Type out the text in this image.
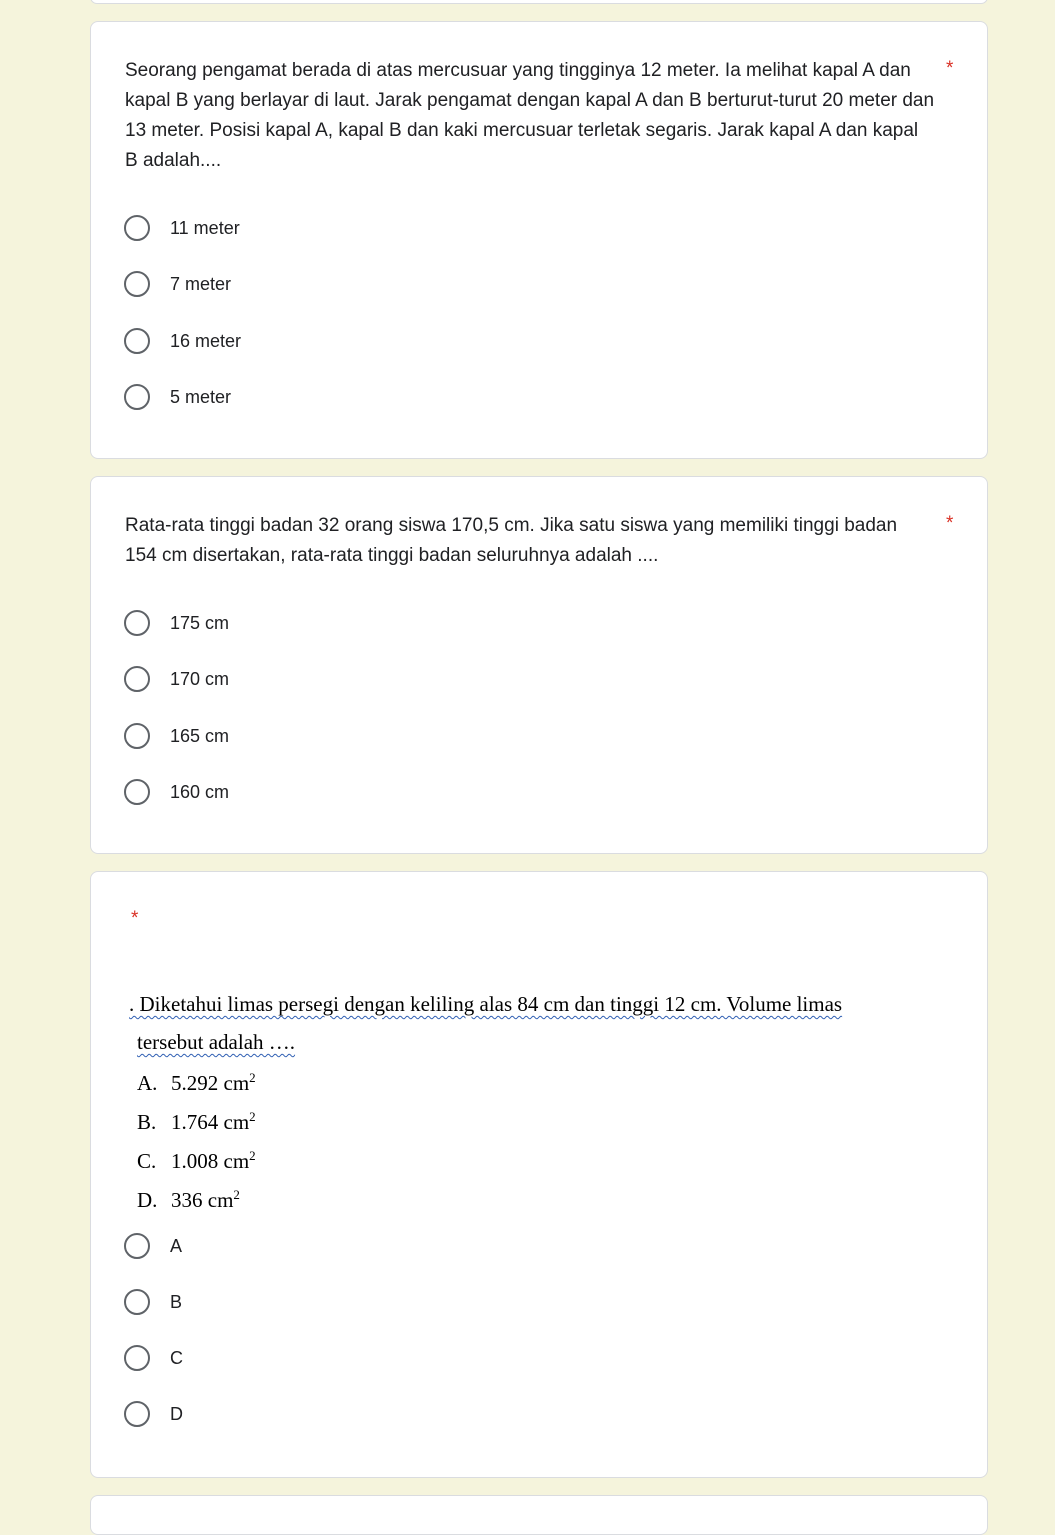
Seorang pengamat berada di atas mercusuar yang tingginya 12 meter. Ia melihat kapal A dan kapal B yang berlayar di laut. Jarak pengamat dengan kapal A dan B berturut-turut 20 meter dan 13 meter. Posisi kapal A, kapal B dan kaki mercusuar terletak segaris. Jarak kapal A dan kapal B adalah....
*
11 meter
7 meter
16 meter
5 meter
Rata-rata tinggi badan 32 orang siswa 170,5 cm. Jika satu siswa yang memiliki tinggi badan 154 cm disertakan, rata-rata tinggi badan seluruhnya adalah ....
*
175 cm
170 cm
165 cm
160 cm
*
. Diketahui limas persegi dengan keliling alas 84 cm dan tinggi 12 cm. Volume limas
tersebut adalah ….
A. 5.292 $cm^2$
B. 1.764 $cm^2$
C. 1.008 $cm^2$
D. 336 $cm^2$
A
B
C
D
